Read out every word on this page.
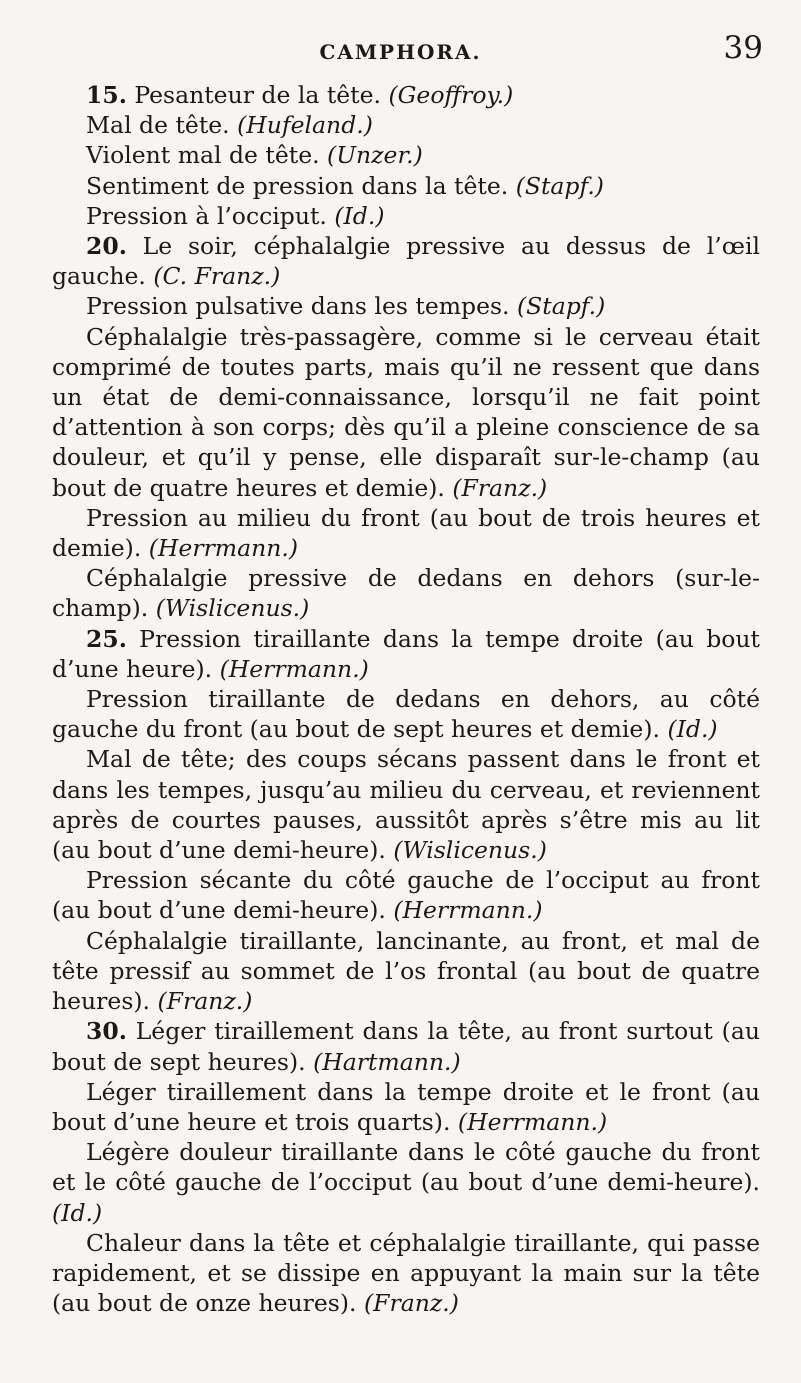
CAMPHORA.	39

15. Pesanteur de la tête. (Geoffroy.)

Mal de tête. (Hufeland.)

Violent mal de tête. (Unzer.)

Sentiment de pression dans la tête. (Stapf.)

Pression à l’occiput. (Id.)

20. Le soir, céphalalgie pressive au dessus de l’œil gauche. (C. Franz.)

Pression pulsative dans les tempes. (Stapf.)

Céphalalgie très-passagère, comme si le cerveau était comprimé de toutes parts, mais qu’il ne ressent que dans un état de demi-connaissance, lorsqu’il ne fait point d’attention à son corps; dès qu’il a pleine conscience de sa douleur, et qu’il y pense, elle disparaît sur-le-champ (au bout de quatre heures et demie). (Franz.)

Pression au milieu du front (au bout de trois heures et demie). (Herrmann.)

Céphalalgie pressive de dedans en dehors (sur-le-champ). (Wislicenus.)

25. Pression tiraillante dans la tempe droite (au bout d’une heure). (Herrmann.)

Pression tiraillante de dedans en dehors, au côté gauche du front (au bout de sept heures et demie). (Id.)

Mal de tête; des coups sécans passent dans le front et dans les tempes, jusqu’au milieu du cerveau, et reviennent après de courtes pauses, aussitôt après s’être mis au lit (au bout d’une demi-heure). (Wislicenus.)

Pression sécante du côté gauche de l’occiput au front (au bout d’une demi-heure). (Herrmann.)

Céphalalgie tiraillante, lancinante, au front, et mal de tête pressif au sommet de l’os frontal (au bout de quatre heures). (Franz.)

30. Léger tiraillement dans la tête, au front surtout (au bout de sept heures). (Hartmann.)

Léger tiraillement dans la tempe droite et le front (au bout d’une heure et trois quarts). (Herrmann.)

Légère douleur tiraillante dans le côté gauche du front et le côté gauche de l’occiput (au bout d’une demi-heure). (Id.)

Chaleur dans la tête et céphalalgie tiraillante, qui passe rapidement, et se dissipe en appuyant la main sur la tête (au bout de onze heures). (Franz.)
